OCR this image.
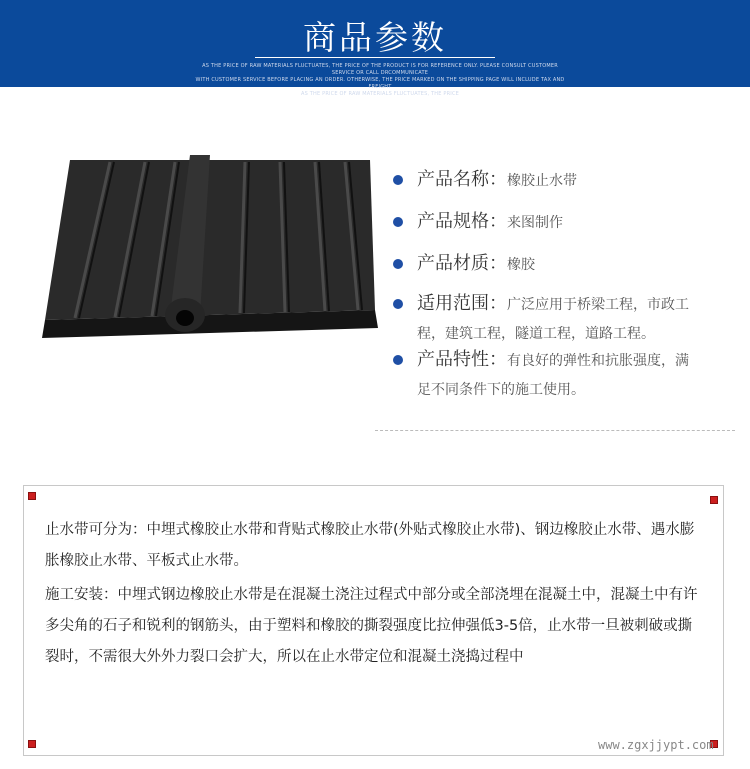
商品参数
AS THE PRICE OF RAW MATERIALS FLUCTUATES, THE PRICE OF THE PRODUCT IS FOR REFERENCE ONLY. PLEASE CONSULT CUSTOMER SERVICE OR CALL DRCOMMUNICATE
WITH CUSTOMER SERVICE BEFORE PLACING AN ORDER. OTHERWISE, THE PRICE MARKED ON THE SHIPPING PAGE WILL INCLUDE TAX AND FREIGHT
AS THE PRICE OF RAW MATERIALS FLUCTUATES, THE PRICE
产品名称：橡胶止水带
产品规格：来图制作
产品材质：橡胶
适用范围：广泛应用于桥梁工程，市政工
程，建筑工程，隧道工程，道路工程。
产品特性：有良好的弹性和抗胀强度，满
足不同条件下的施工使用。

止水带可分为：中埋式橡胶止水带和背贴式橡胶止水带(外贴式橡胶止水带)、钢边橡胶止水带、遇水膨胀橡胶止水带、平板式止水带。

施工安装：中埋式钢边橡胶止水带是在混凝土浇注过程式中部分或全部浇埋在混凝土中，混凝土中有许多尖角的石子和锐利的钢筋头，由于塑料和橡胶的撕裂强度比拉伸强低3-5倍，止水带一旦被刺破或撕裂时，不需很大外外力裂口会扩大，所以在止水带定位和混凝土浇捣过程中

www.zgxjjypt.com
